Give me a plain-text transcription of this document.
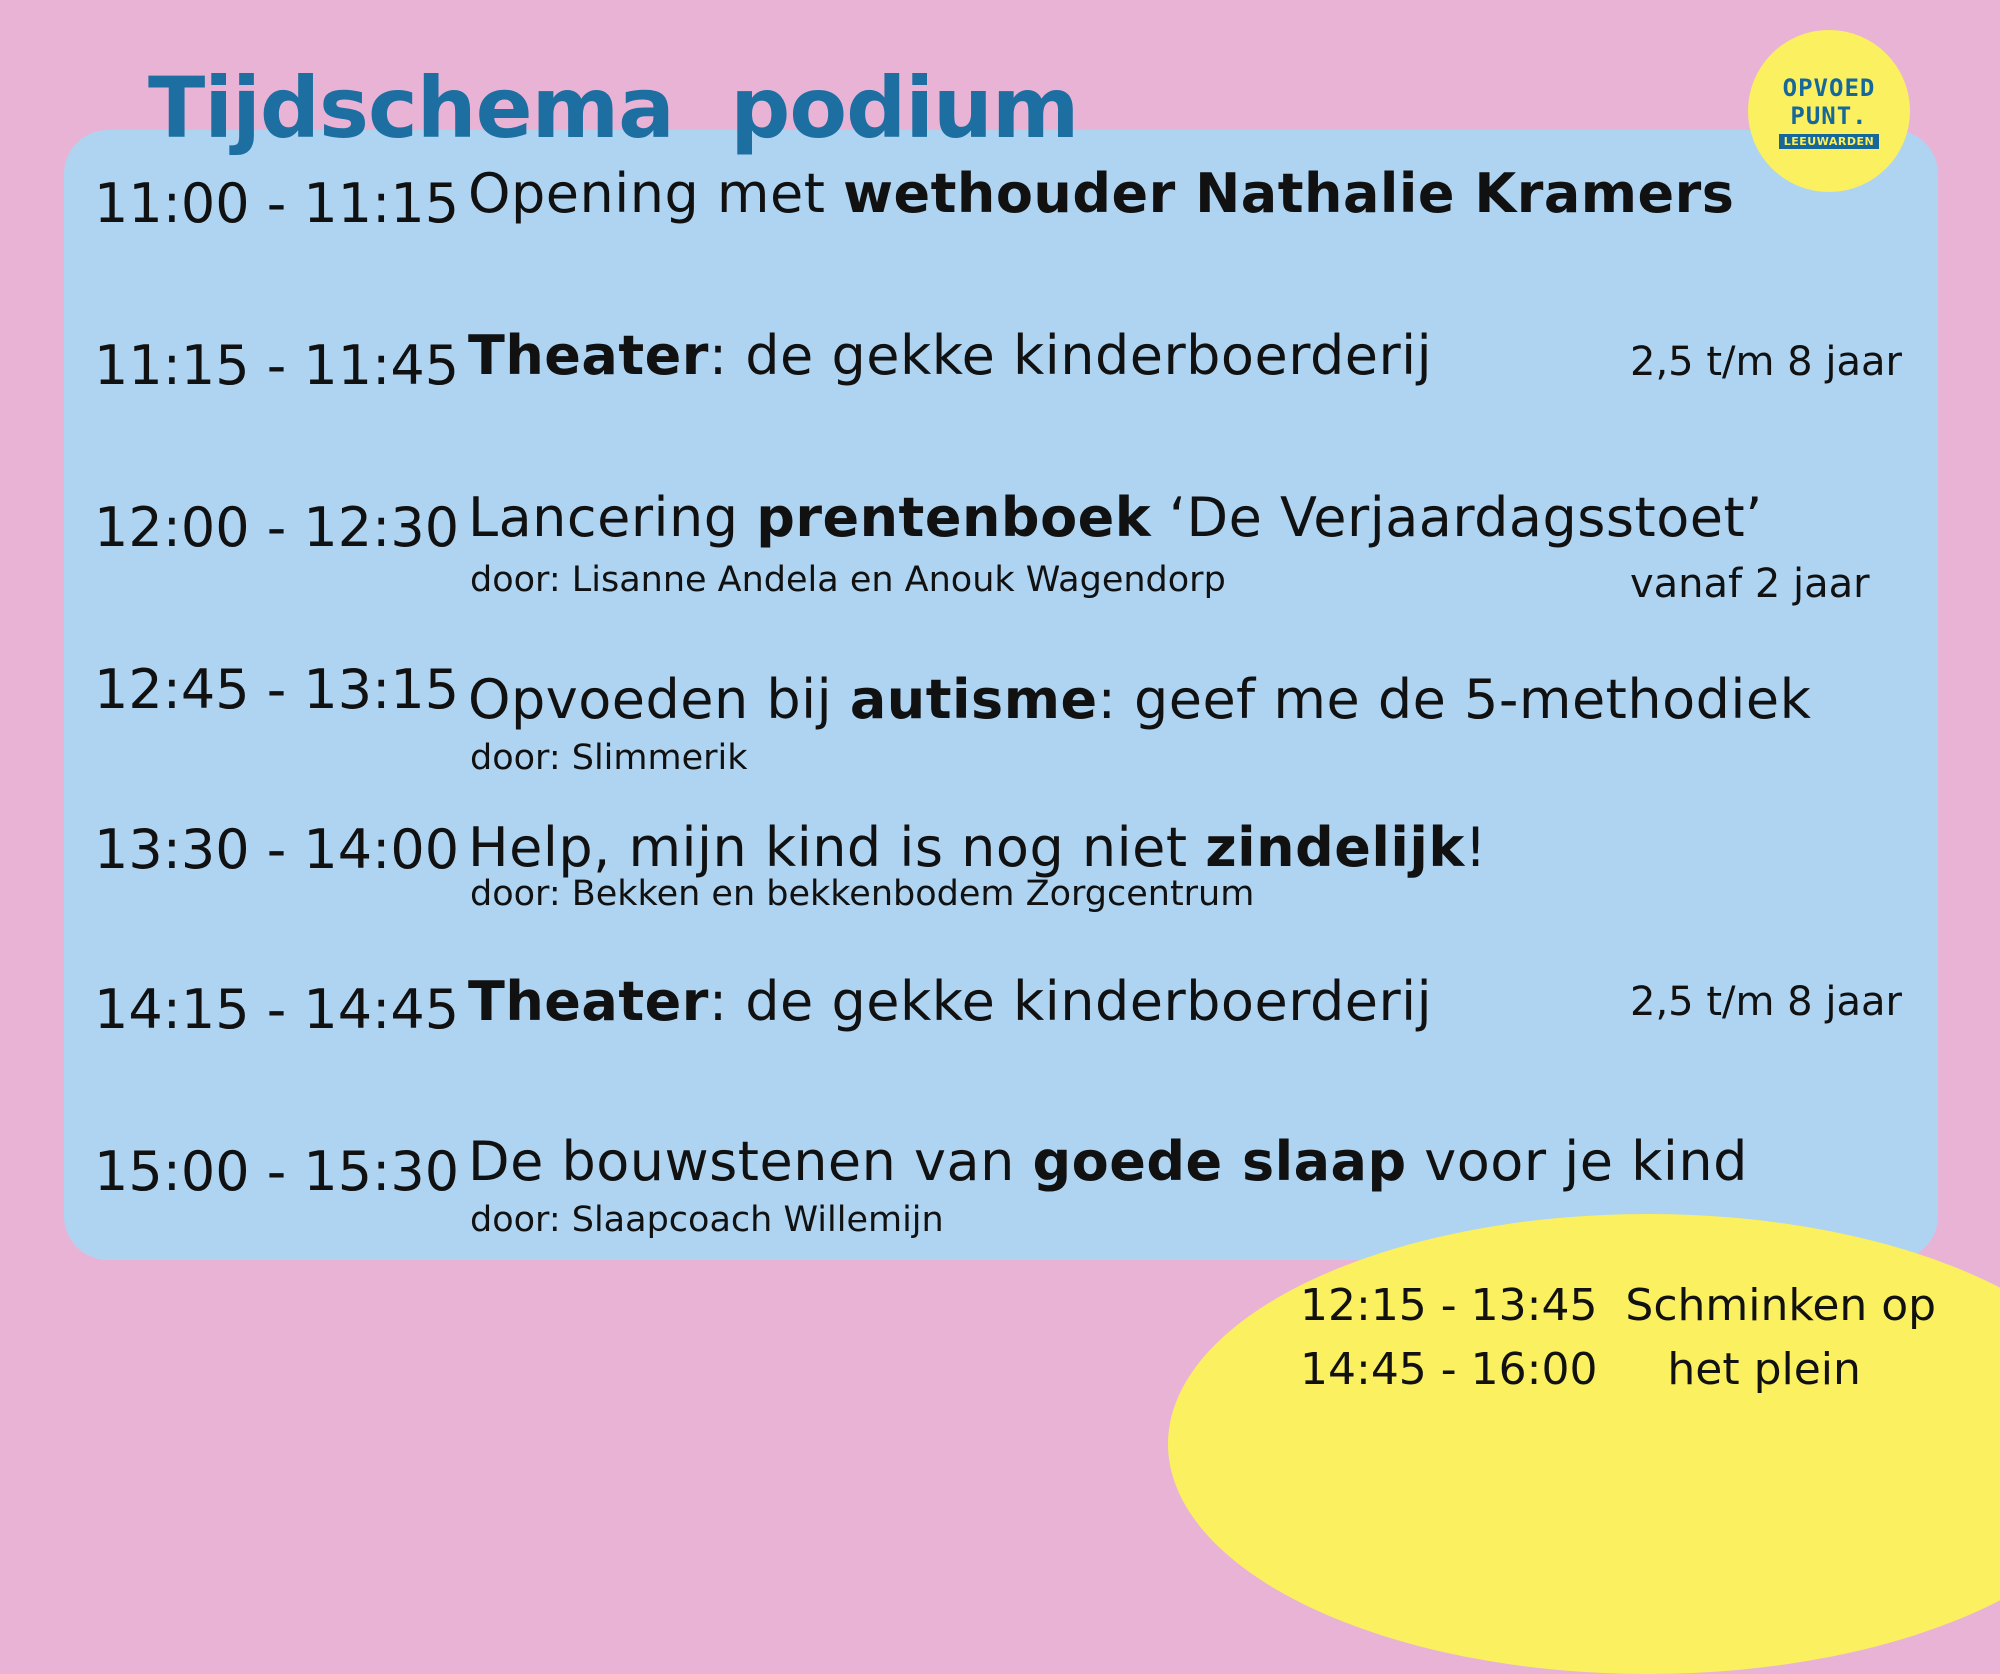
Tijdschema  podium	OPVOED
PUNT.
LEEUWARDEN
11:00 - 11:15 Opening met wethouder Nathalie Kramers
11:15 - 11:45 Theater: de gekke kinderboerderij	2,5 t/m 8 jaar
12:00 - 12:30 Lancering prentenboek ‘De Verjaardagsstoet’
door: Lisanne Andela en Anouk Wagendorp	vanaf 2 jaar
12:45 - 13:15 Opvoeden bij autisme: geef me de 5-methodiek
door: Slimmerik
13:30 - 14:00 Help, mijn kind is nog niet zindelijk!
door: Bekken en bekkenbodem Zorgcentrum
14:15 - 14:45 Theater: de gekke kinderboerderij	2,5 t/m 8 jaar
15:00 - 15:30 De bouwstenen van goede slaap voor je kind
door: Slaapcoach Willemijn
12:15 - 13:45  Schminken op
14:45 - 16:00     het plein
